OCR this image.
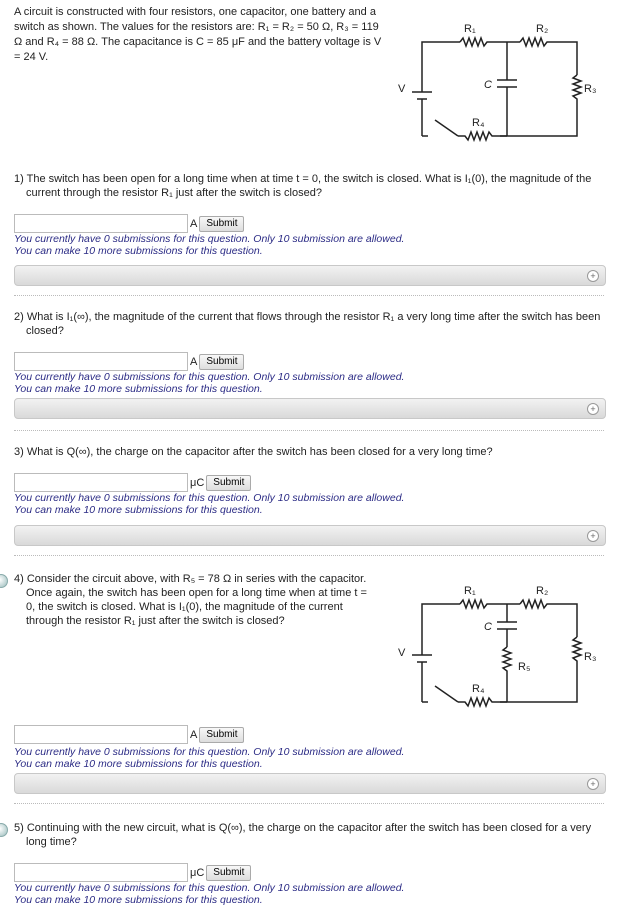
A circuit is constructed with four resistors, one capacitor, one battery and a switch as shown. The values for the resistors are: R₁ = R₂ = 50 Ω, R₃ = 119 Ω and R₄ = 88 Ω. The capacitance is C = 85 μF and the battery voltage is V = 24 V.
R₁	R₂
R₃
R₄
C
V
R₁	R₂
R₃
R₄
R₅
C
V
1) The switch has been open for a long time when at time t = 0, the switch is closed. What is I₁(0), the magnitude of the current through the resistor R₁ just after the switch is closed?
A Submit
You currently have 0 submissions for this question. Only 10 submission are allowed.
You can make 10 more submissions for this question.
+
2) What is I₁(∞), the magnitude of the current that flows through the resistor R₁ a very long time after the switch has been closed?
A Submit
You currently have 0 submissions for this question. Only 10 submission are allowed.
You can make 10 more submissions for this question.
+
3) What is Q(∞), the charge on the capacitor after the switch has been closed for a very long time?
μC Submit
You currently have 0 submissions for this question. Only 10 submission are allowed.
You can make 10 more submissions for this question.
+
4) Consider the circuit above, with R₅ = 78 Ω in series with the capacitor. Once again, the switch has been open for a long time when at time t = 0, the switch is closed. What is I₁(0), the magnitude of the current through the resistor R₁ just after the switch is closed?
A Submit
You currently have 0 submissions for this question. Only 10 submission are allowed.
You can make 10 more submissions for this question.
+
5) Continuing with the new circuit, what is Q(∞), the charge on the capacitor after the switch has been closed for a very long time?
μC Submit
You currently have 0 submissions for this question. Only 10 submission are allowed.
You can make 10 more submissions for this question.
